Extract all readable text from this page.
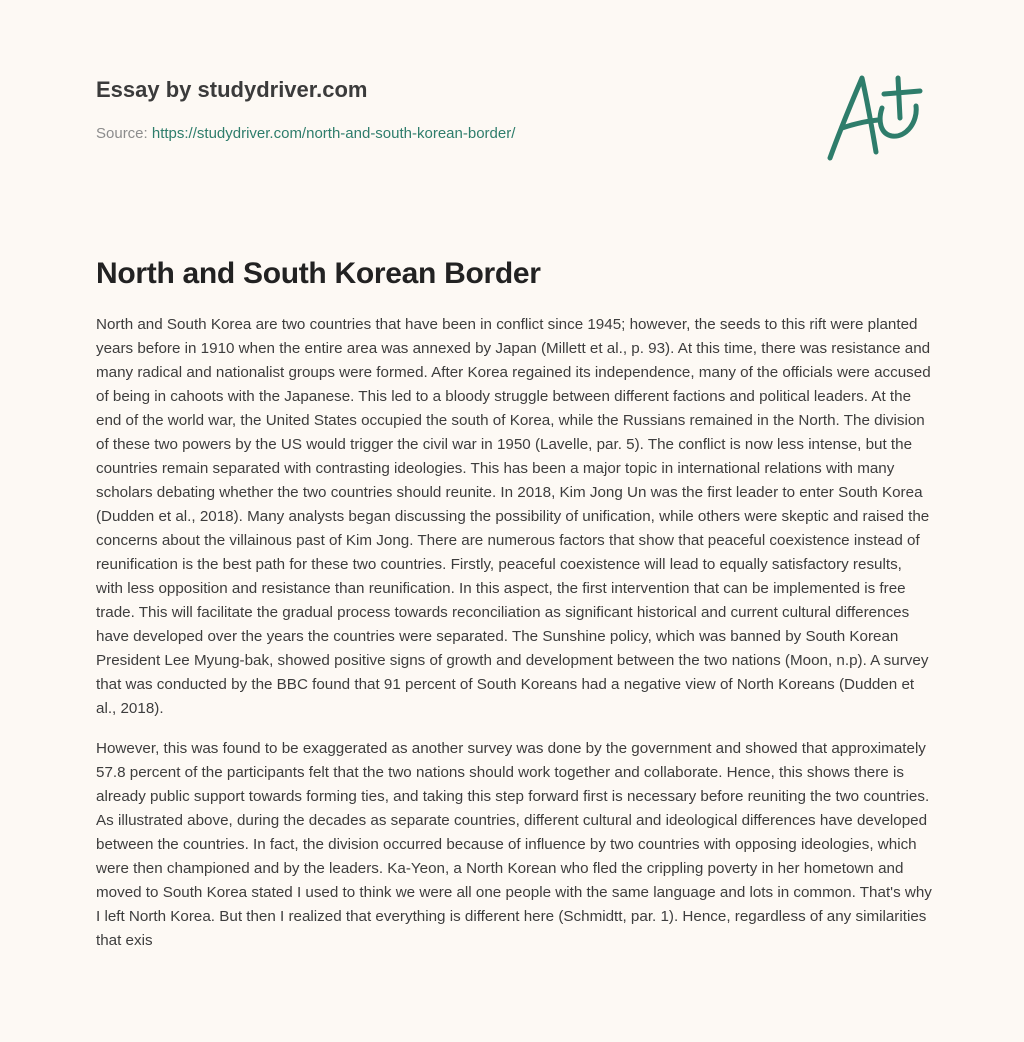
Essay by studydriver.com
Source: https://studydriver.com/north-and-south-korean-border/
North and South Korean Border

North and South Korea are two countries that have been in conflict since 1945; however, the seeds to this rift were planted years before in 1910 when the entire area was annexed by Japan (Millett et al., p. 93). At this time, there was resistance and many radical and nationalist groups were formed. After Korea regained its independence, many of the officials were accused of being in cahoots with the Japanese. This led to a bloody struggle between different factions and political leaders. At the end of the world war, the United States occupied the south of Korea, while the Russians remained in the North. The division of these two powers by the US would trigger the civil war in 1950 (Lavelle, par. 5). The conflict is now less intense, but the countries remain separated with contrasting ideologies. This has been a major topic in international relations with many scholars debating whether the two countries should reunite. In 2018, Kim Jong Un was the first leader to enter South Korea (Dudden et al., 2018). Many analysts began discussing the possibility of unification, while others were skeptic and raised the concerns about the villainous past of Kim Jong. There are numerous factors that show that peaceful coexistence instead of reunification is the best path for these two countries. Firstly, peaceful coexistence will lead to equally satisfactory results, with less opposition and resistance than reunification. In this aspect, the first intervention that can be implemented is free trade. This will facilitate the gradual process towards reconciliation as significant historical and current cultural differences have developed over the years the countries were separated. The Sunshine policy, which was banned by South Korean President Lee Myung-bak, showed positive signs of growth and development between the two nations (Moon, n.p). A survey that was conducted by the BBC found that 91 percent of South Koreans had a negative view of North Koreans (Dudden et al., 2018).

However, this was found to be exaggerated as another survey was done by the government and showed that approximately 57.8 percent of the participants felt that the two nations should work together and collaborate. Hence, this shows there is already public support towards forming ties, and taking this step forward first is necessary before reuniting the two countries. As illustrated above, during the decades as separate countries, different cultural and ideological differences have developed between the countries. In fact, the division occurred because of influence by two countries with opposing ideologies, which were then championed and by the leaders. Ka-Yeon, a North Korean who fled the crippling poverty in her hometown and moved to South Korea stated I used to think we were all one people with the same language and lots in common. That's why I left North Korea. But then I realized that everything is different here (Schmidtt, par. 1). Hence, regardless of any similarities that exis
